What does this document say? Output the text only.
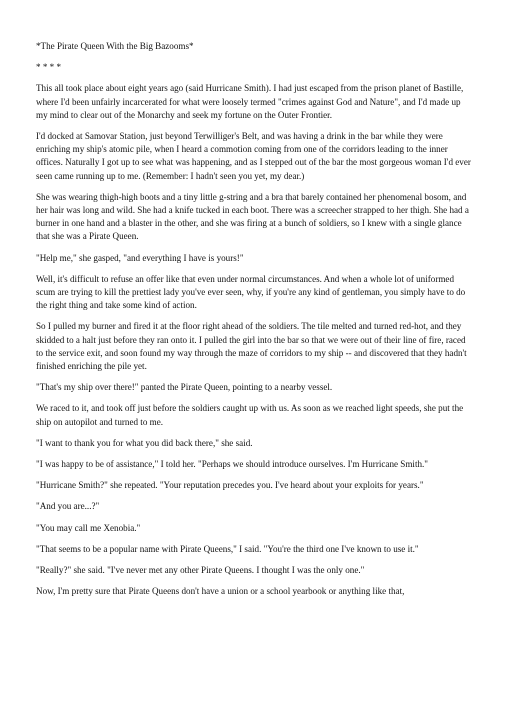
*The Pirate Queen With the Big Bazooms*

* * * *

This all took place about eight years ago (said Hurricane Smith). I had just escaped from the prison planet of Bastille, where I'd been unfairly incarcerated for what were loosely termed "crimes against God and Nature", and I'd made up my mind to clear out of the Monarchy and seek my fortune on the Outer Frontier.

I'd docked at Samovar Station, just beyond Terwilliger's Belt, and was having a drink in the bar while they were enriching my ship's atomic pile, when I heard a commotion coming from one of the corridors leading to the inner offices. Naturally I got up to see what was happening, and as I stepped out of the bar the most gorgeous woman I'd ever seen came running up to me. (Remember: I hadn't seen you yet, my dear.)

She was wearing thigh-high boots and a tiny little g-string and a bra that barely contained her phenomenal bosom, and her hair was long and wild. She had a knife tucked in each boot. There was a screecher strapped to her thigh. She had a burner in one hand and a blaster in the other, and she was firing at a bunch of soldiers, so I knew with a single glance that she was a Pirate Queen.

"Help me," she gasped, "and everything I have is yours!"

Well, it's difficult to refuse an offer like that even under normal circumstances. And when a whole lot of uniformed scum are trying to kill the prettiest lady you've ever seen, why, if you're any kind of gentleman, you simply have to do the right thing and take some kind of action.

So I pulled my burner and fired it at the floor right ahead of the soldiers. The tile melted and turned red-hot, and they skidded to a halt just before they ran onto it. I pulled the girl into the bar so that we were out of their line of fire, raced to the service exit, and soon found my way through the maze of corridors to my ship -- and discovered that they hadn't finished enriching the pile yet.

"That's my ship over there!" panted the Pirate Queen, pointing to a nearby vessel.

We raced to it, and took off just before the soldiers caught up with us. As soon as we reached light speeds, she put the ship on autopilot and turned to me.

"I want to thank you for what you did back there," she said.

"I was happy to be of assistance," I told her. "Perhaps we should introduce ourselves. I'm Hurricane Smith."

"Hurricane Smith?" she repeated. "Your reputation precedes you. I've heard about your exploits for years."

"And you are...?"

"You may call me Xenobia."

"That seems to be a popular name with Pirate Queens," I said. "You're the third one I've known to use it."

"Really?" she said. "I've never met any other Pirate Queens. I thought I was the only one."

Now, I'm pretty sure that Pirate Queens don't have a union or a school yearbook or anything like that,
